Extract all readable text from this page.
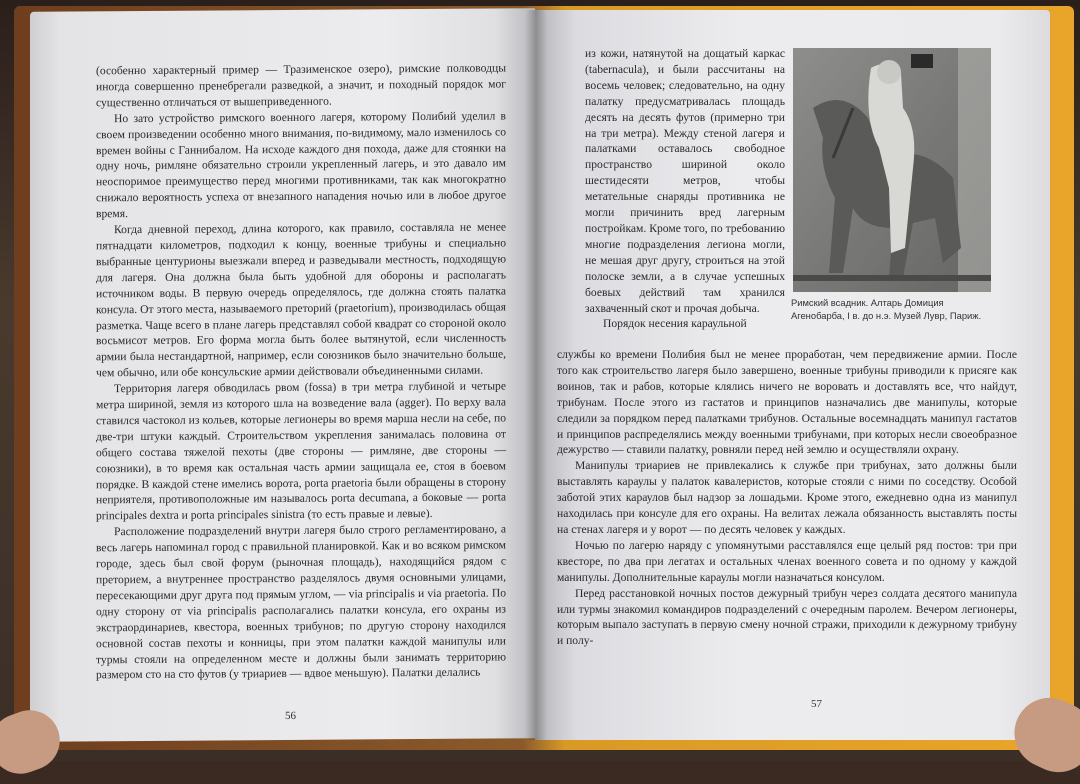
(особенно характерный пример — Тразименское озеро), римские полководцы иногда совершенно пренебрегали разведкой, а значит, и походный порядок мог существенно отличаться от вышеприведенного.

Но зато устройство римского военного лагеря, которому Полибий уделил в своем произведении особенно много внимания, по-видимому, мало изменилось со времен войны с Ганнибалом. На исходе каждого дня похода, даже для стоянки на одну ночь, римляне обязательно строили укрепленный лагерь, и это давало им неоспоримое преимущество перед многими противниками, так как многократно снижало вероятность успеха от внезапного нападения ночью или в любое другое время.

Когда дневной переход, длина которого, как правило, составляла не менее пятнадцати километров, подходил к концу, военные трибуны и специально выбранные центурионы выезжали вперед и разведывали местность, подходящую для лагеря. Она должна была быть удобной для обороны и располагать источником воды. В первую очередь определялось, где должна стоять палатка консула. От этого места, называемого преторий (praetorium), производилась общая разметка. Чаще всего в плане лагерь представлял собой квадрат со стороной около восьмисот метров. Его форма могла быть более вытянутой, если численность армии была нестандартной, например, если союзников было значительно больше, чем обычно, или обе консульские армии действовали объединенными силами.

Территория лагеря обводилась рвом (fossa) в три метра глубиной и четыре метра шириной, земля из которого шла на возведение вала (agger). По верху вала ставился частокол из кольев, которые легионеры во время марша несли на себе, по две-три штуки каждый. Строительством укрепления занималась половина от общего состава тяжелой пехоты (две стороны — римляне, две стороны — союзники), в то время как остальная часть армии защищала ее, стоя в боевом порядке. В каждой стене имелись ворота, porta praetoria были обращены в сторону неприятеля, противоположные им называлось porta decumana, а боковые — porta principales dextra и porta principales sinistra (то есть правые и левые).

Расположение подразделений внутри лагеря было строго регламентировано, а весь лагерь напоминал город с правильной планировкой. Как и во всяком римском городе, здесь был свой форум (рыночная площадь), находящийся рядом с преторием, а внутреннее пространство разделялось двумя основными улицами, пересекающими друг друга под прямым углом, — via principalis и via praetoria. По одну сторону от via principalis располагались палатки консула, его охраны из экстраординариев, квестора, военных трибунов; по другую сторону находился основной состав пехоты и конницы, при этом палатки каждой манипулы или турмы стояли на определенном месте и должны были занимать территорию размером сто на сто футов (у триариев — вдвое меньшую). Палатки делались

56

из кожи, натянутой на дощатый каркас (tabernacula), и были рассчитаны на восемь человек; следовательно, на одну палатку предусматривалась площадь десять на десять футов (примерно три на три метра). Между стеной лагеря и палатками оставалось свободное пространство шириной около шестидесяти метров, чтобы метательные снаряды противника не могли причинить вред лагерным постройкам. Кроме того, по требованию многие подразделения легиона могли, не мешая друг другу, строиться на этой полоске земли, а в случае успешных боевых действий там хранился захваченный скот и прочая добыча.

Порядок несения караульной

Римский всадник. Алтарь Домиция Агенобарба, I в. до н.э. Музей Лувр, Париж.

службы ко времени Полибия был не менее проработан, чем передвижение армии. После того как строительство лагеря было завершено, военные трибуны приводили к присяге как воинов, так и рабов, которые клялись ничего не воровать и доставлять все, что найдут, трибунам. После этого из гастатов и принципов назначались две манипулы, которые следили за порядком перед палатками трибунов. Остальные восемнадцать манипул гастатов и принципов распределялись между военными трибунами, при которых несли своеобразное дежурство — ставили палатку, ровняли перед ней землю и осуществляли охрану.

Манипулы триариев не привлекались к службе при трибунах, зато должны были выставлять караулы у палаток кавалеристов, которые стояли с ними по соседству. Особой заботой этих караулов был надзор за лошадьми. Кроме этого, ежедневно одна из манипул находилась при консуле для его охраны. На велитах лежала обязанность выставлять посты на стенах лагеря и у ворот — по десять человек у каждых.

Ночью по лагерю наряду с упомянутыми расставлялся еще целый ряд постов: три при квесторе, по два при легатах и остальных членах военного совета и по одному у каждой манипулы. Дополнительные караулы могли назначаться консулом.

Перед расстановкой ночных постов дежурный трибун через солдата десятого манипула или турмы знакомил командиров подразделений с очередным паролем. Вечером легионеры, которым выпало заступать в первую смену ночной стражи, приходили к дежурному трибуну и полу-

57
